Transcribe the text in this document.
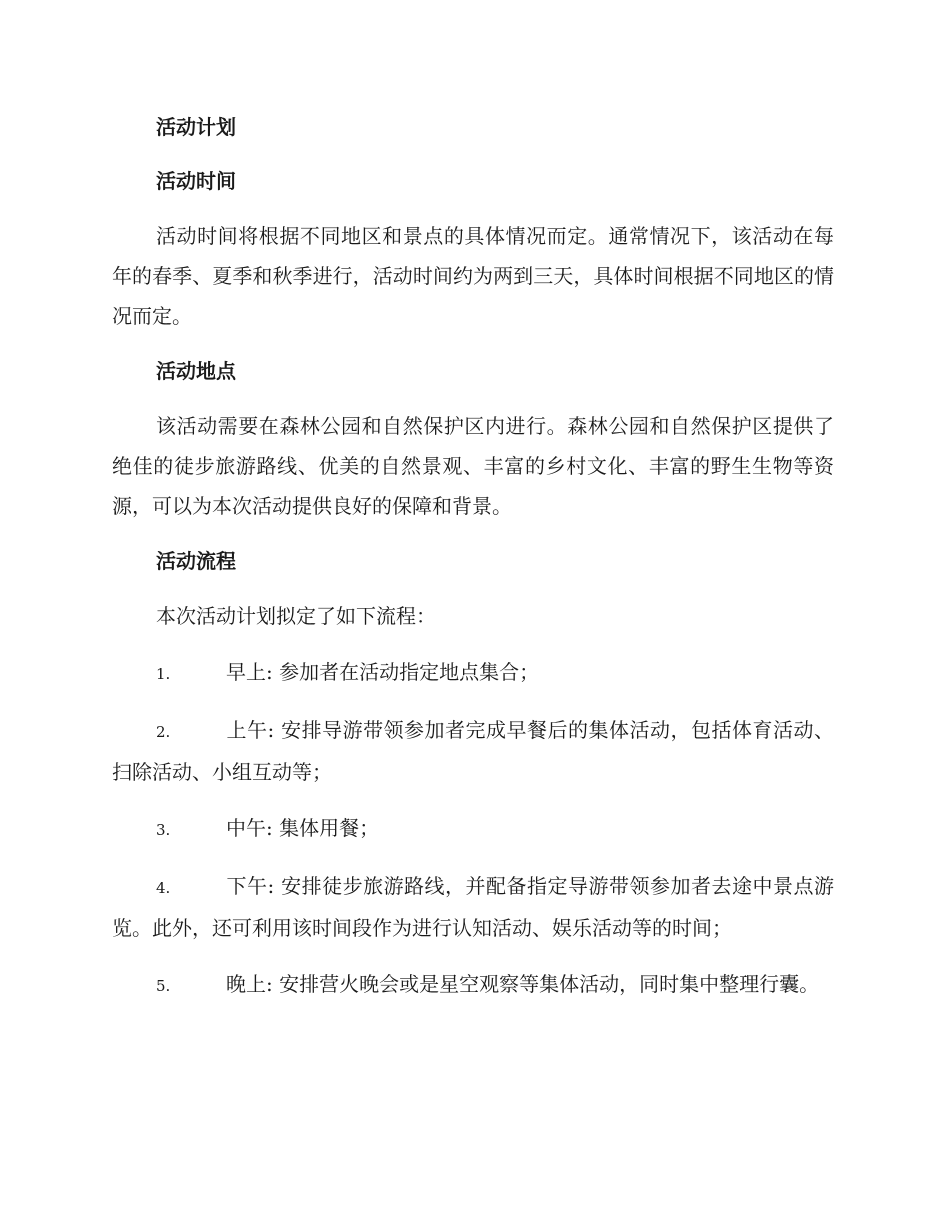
活动计划
活动时间

活动时间将根据不同地区和景点的具体情况而定。通常情况下，该活动在每年的春季、夏季和秋季进行，活动时间约为两到三天，具体时间根据不同地区的情况而定。

活动地点

该活动需要在森林公园和自然保护区内进行。森林公园和自然保护区提供了绝佳的徒步旅游路线、优美的自然景观、丰富的乡村文化、丰富的野生生物等资源，可以为本次活动提供良好的保障和背景。

活动流程

本次活动计划拟定了如下流程：

1.	早上: 参加者在活动指定地点集合；
2.	上午: 安排导游带领参加者完成早餐后的集体活动，包括体育活动、扫除活动、小组互动等；
3.	中午: 集体用餐；
4.	下午: 安排徒步旅游路线，并配备指定导游带领参加者去途中景点游览。此外，还可利用该时间段作为进行认知活动、娱乐活动等的时间；
5.	晚上: 安排营火晚会或是星空观察等集体活动，同时集中整理行囊。
